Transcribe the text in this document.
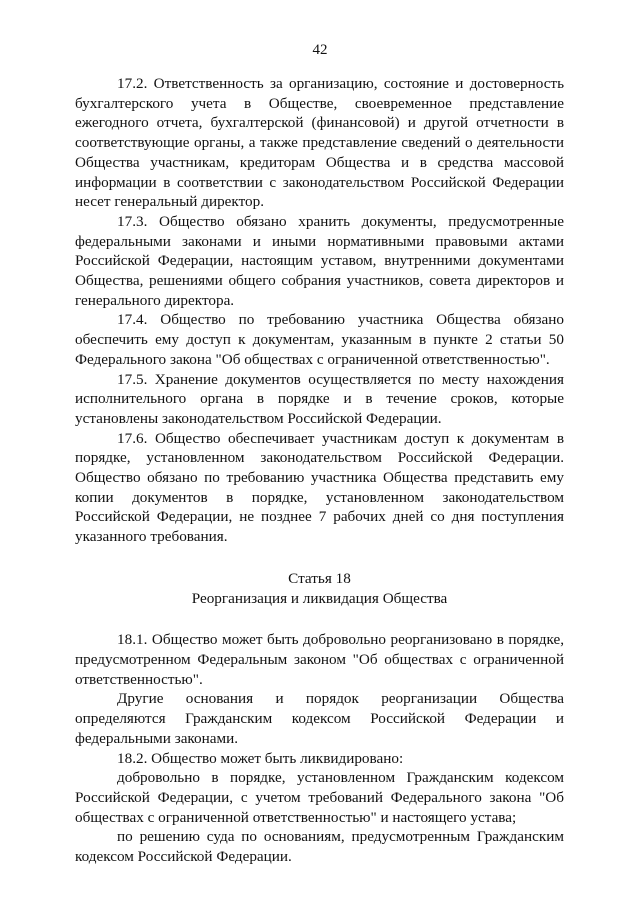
42

17.2. Ответственность за организацию, состояние и достоверность бухгалтерского учета в Обществе, своевременное представление ежегодного отчета, бухгалтерской (финансовой) и другой отчетности в соответствующие органы, а также представление сведений о деятельности Общества участникам, кредиторам Общества и в средства массовой информации в соответствии с законодательством Российской Федерации несет генеральный директор.

17.3. Общество обязано хранить документы, предусмотренные федеральными законами и иными нормативными правовыми актами Российской Федерации, настоящим уставом, внутренними документами Общества, решениями общего собрания участников, совета директоров и генерального директора.

17.4. Общество по требованию участника Общества обязано обеспечить ему доступ к документам, указанным в пункте 2 статьи 50 Федерального закона "Об обществах с ограниченной ответственностью".

17.5. Хранение документов осуществляется по месту нахождения исполнительного органа в порядке и в течение сроков, которые установлены законодательством Российской Федерации.

17.6. Общество обеспечивает участникам доступ к документам в порядке, установленном законодательством Российской Федерации. Общество обязано по требованию участника Общества представить ему копии документов в порядке, установленном законодательством Российской Федерации, не позднее 7 рабочих дней со дня поступления указанного требования.

Статья 18

Реорганизация и ликвидация Общества

18.1. Общество может быть добровольно реорганизовано в порядке, предусмотренном Федеральным законом "Об обществах с ограниченной ответственностью".

Другие основания и порядок реорганизации Общества определяются Гражданским кодексом Российской Федерации и федеральными законами.

18.2. Общество может быть ликвидировано:

добровольно в порядке, установленном Гражданским кодексом Российской Федерации, с учетом требований Федерального закона "Об обществах с ограниченной ответственностью" и настоящего устава;

по решению суда по основаниям, предусмотренным Гражданским кодексом Российской Федерации.
